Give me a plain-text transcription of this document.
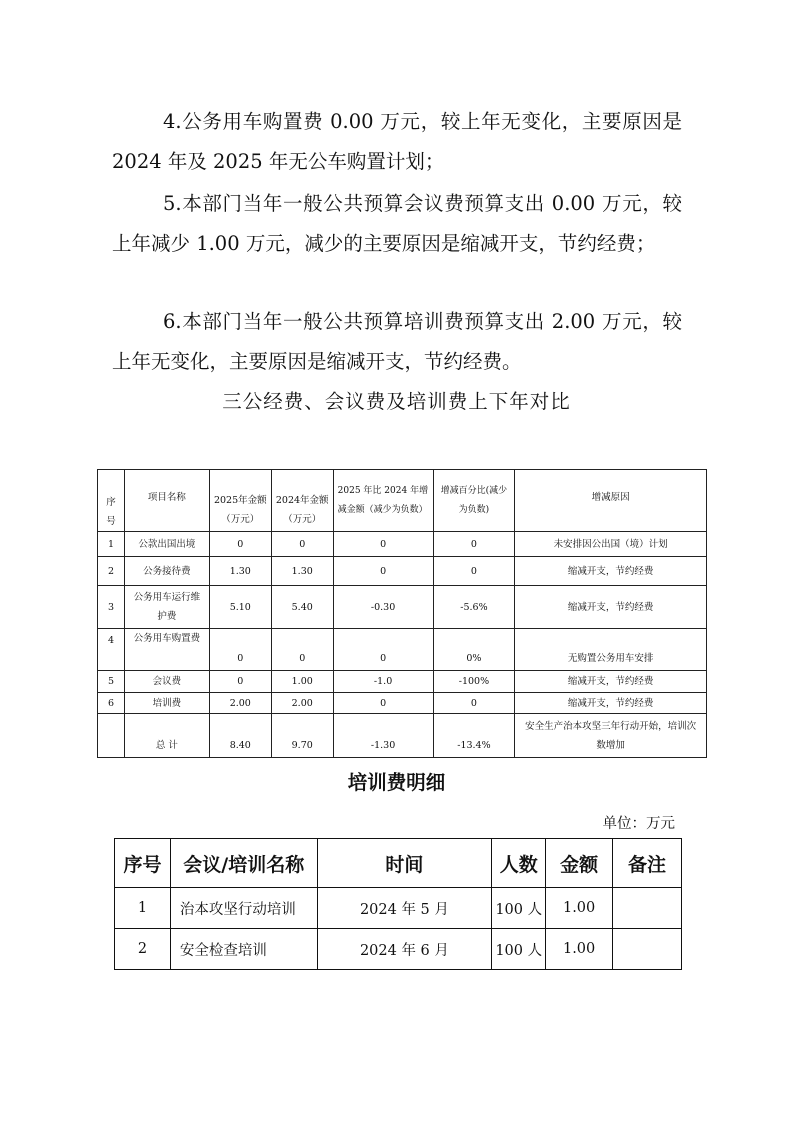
4.公务用车购置费 0.00 万元，较上年无变化，主要原因是 2024 年及 2025 年无公车购置计划；

5.本部门当年一般公共预算会议费预算支出 0.00 万元，较上年减少 1.00 万元，减少的主要原因是缩减开支，节约经费；

6.本部门当年一般公共预算培训费预算支出 2.00 万元，较上年无变化，主要原因是缩减开支，节约经费。

三公经费、会议费及培训费上下年对比
序号	项目名称	2025年金额（万元）	2024年金额（万元）	2025 年比 2024 年增减金额（减少为负数）	增减百分比(减少为负数)	增减原因
1	公款出国出境	0	0	0	0	未安排因公出国（境）计划
2	公务接待费	1.30	1.30	0	0	缩减开支，节约经费
3	公务用车运行维护费	5.10	5.40	-0.30	-5.6%	缩减开支，节约经费
4	公务用车购置费	0	0	0	0%	无购置公务用车安排
5	会议费	0	1.00	-1.0	-100%	缩减开支，节约经费
6	培训费	2.00	2.00	0	0	缩减开支，节约经费
	总 计	8.40	9.70	-1.30	-13.4%	安全生产治本攻坚三年行动开始，培训次数增加
培训费明细
单位：万元
序号	会议/培训名称	时间	人数	金额	备注
1	治本攻坚行动培训	2024 年 5 月	100 人	1.00	
2	安全检查培训	2024 年 6 月	100 人	1.00	
